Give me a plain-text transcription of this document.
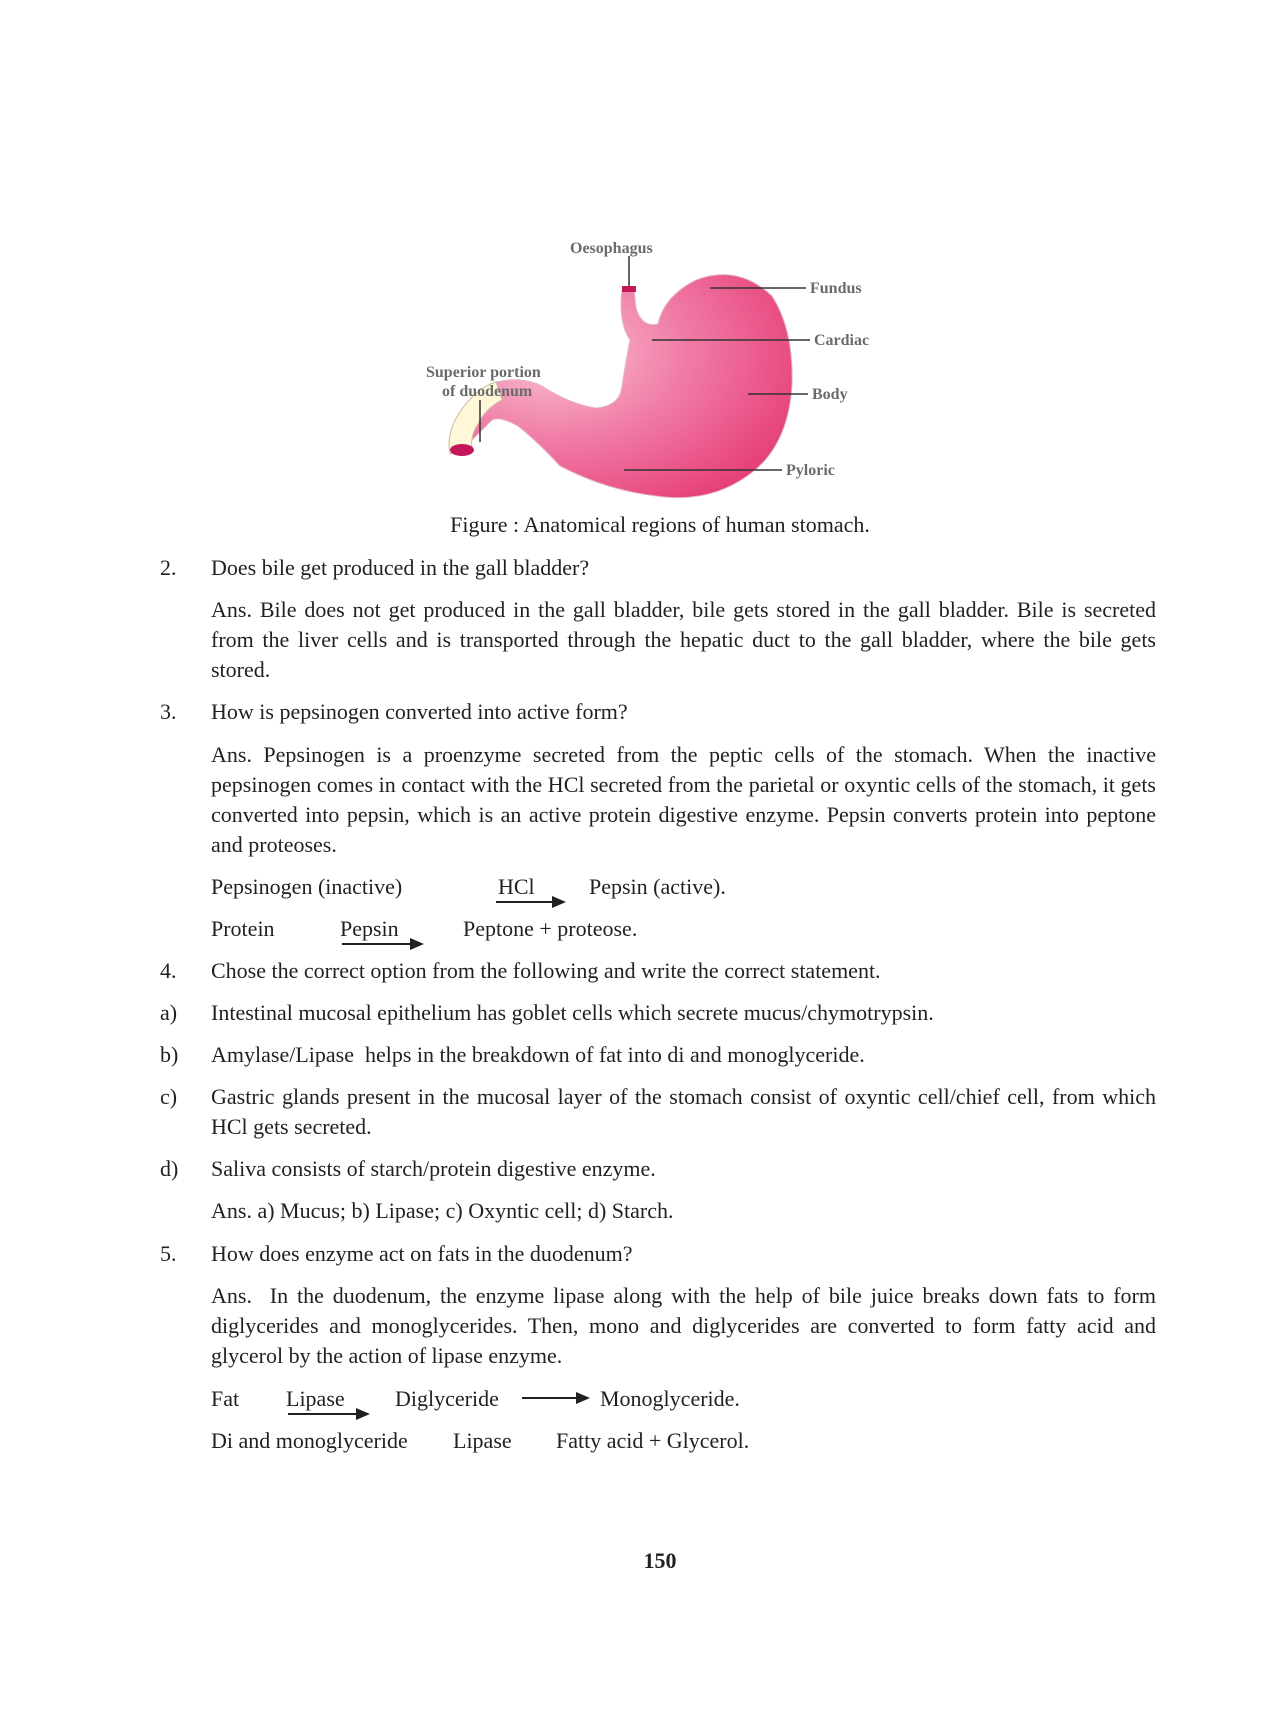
Oesophagus
Fundus
Cardiac
Body
Pyloric
Superior portion
of duodenum
Figure : Anatomical regions of human stomach.
2.	Does bile get produced in the gall bladder?
Ans. Bile does not get produced in the gall bladder, bile gets stored in the gall bladder. Bile is secreted from the liver cells and is transported through the hepatic duct to the gall bladder, where the bile gets stored.
3.	How is pepsinogen converted into active form?
Ans. Pepsinogen is a proenzyme secreted from the peptic cells of the stomach. When the inactive pepsinogen comes in contact with the HCl secreted from the parietal or oxyntic cells of the stomach, it gets converted into pepsin, which is an active protein digestive enzyme. Pepsin converts protein into peptone and proteoses.
Pepsinogen (inactive)	HCl Pepsin (active).
Protein	Pepsin	Peptone + proteose.
4.	Chose the correct option from the following and write the correct statement.
a)	Intestinal mucosal epithelium has goblet cells which secrete mucus/chymotrypsin.
b)	Amylase/Lipase  helps in the breakdown of fat into di and monoglyceride.
c)	Gastric glands present in the mucosal layer of the stomach consist of oxyntic cell/chief cell, from which HCl gets secreted.
d)	Saliva consists of starch/protein digestive enzyme.
Ans. a) Mucus; b) Lipase; c) Oxyntic cell; d) Starch.
5.	How does enzyme act on fats in the duodenum?
Ans.  In the duodenum, the enzyme lipase along with the help of bile juice breaks down fats to form diglycerides and monoglycerides. Then, mono and diglycerides are converted to form fatty acid and glycerol by the action of lipase enzyme.
Fat Lipase Diglyceride	Monoglyceride.
Di and monoglyceride Lipase Fatty acid + Glycerol.
150
